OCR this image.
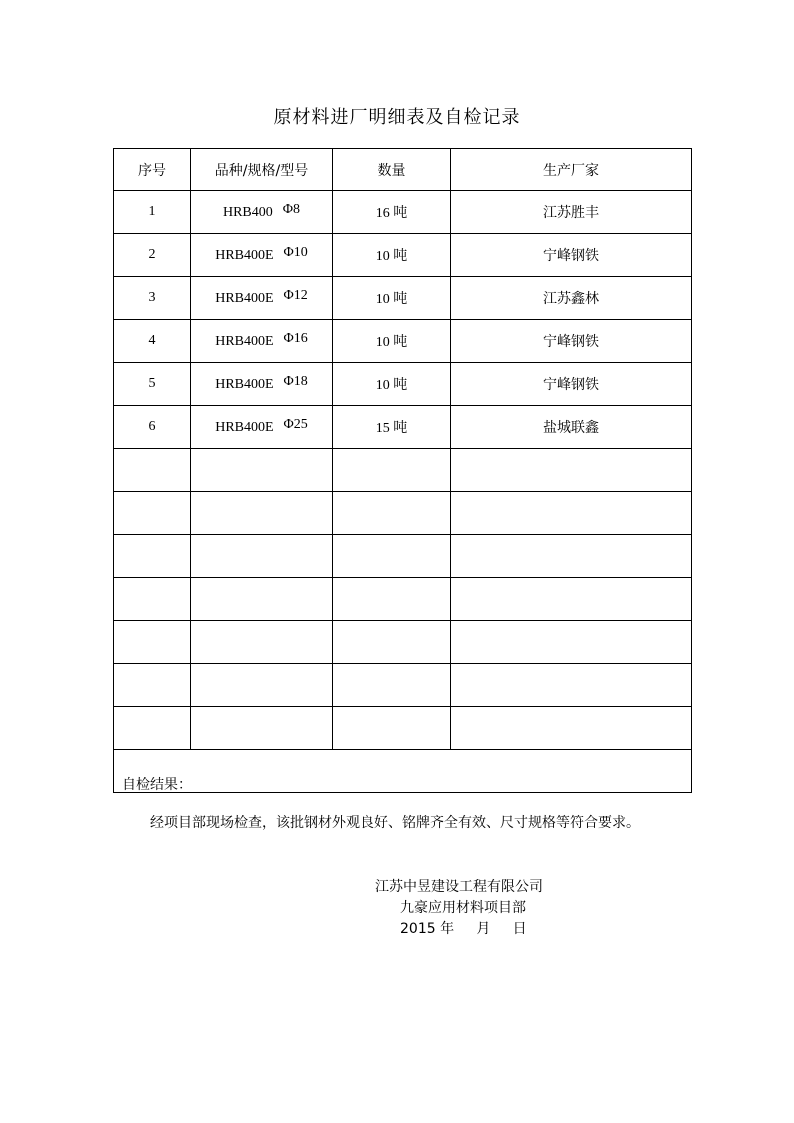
原材料进厂明细表及自检记录
序号	品种/规格/型号	数量	生产厂家
1	HRB400 Φ8	16 吨	江苏胜丰
2	HRB400E Φ10	10 吨	宁峰钢铁
3	HRB400E Φ12	10 吨	江苏鑫林
4	HRB400E Φ16	10 吨	宁峰钢铁
5	HRB400E Φ18	10 吨	宁峰钢铁
6	HRB400E Φ25	15 吨	盐城联鑫

自检结果：
经项目部现场检查，该批钢材外观良好、铭牌齐全有效、尺寸规格等符合要求。
江苏中昱建设工程有限公司
九豪应用材料项目部
2015 年     月     日			
